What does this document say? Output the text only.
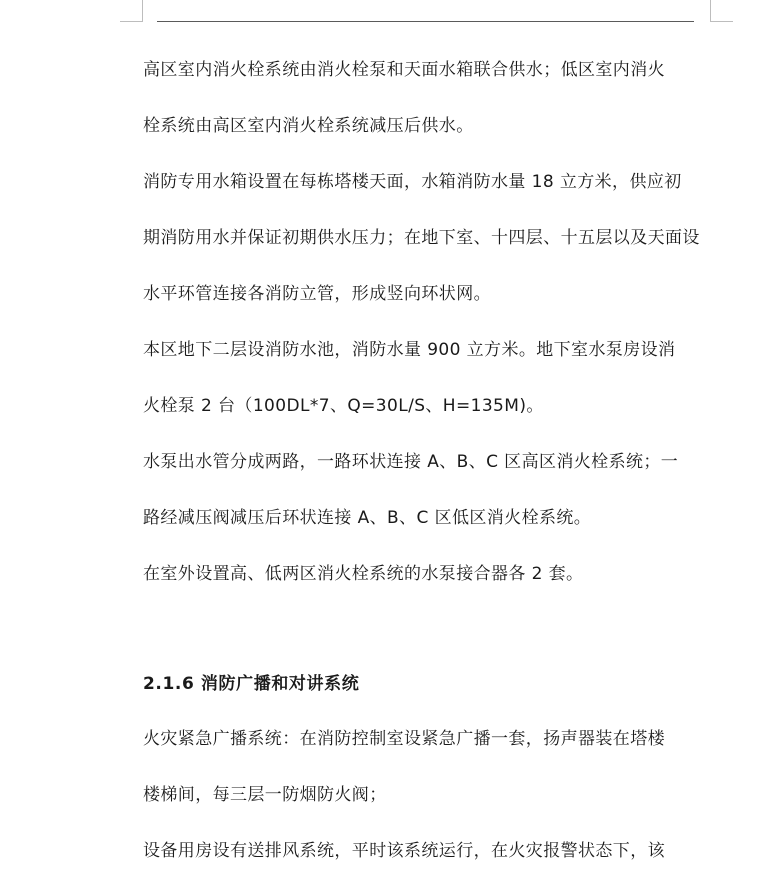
高区室内消火栓系统由消火栓泵和天面水箱联合供水；低区室内消火
栓系统由高区室内消火栓系统减压后供水。
消防专用水箱设置在每栋塔楼天面，水箱消防水量 18 立方米，供应初
期消防用水并保证初期供水压力；在地下室、十四层、十五层以及天面设
水平环管连接各消防立管，形成竖向环状网。
本区地下二层设消防水池，消防水量 900 立方米。地下室水泵房设消
火栓泵 2 台（100DL*7、Q=30L/S、H=135M)。
水泵出水管分成两路，一路环状连接 A、B、C 区高区消火栓系统；一
路经减压阀减压后环状连接 A、B、C 区低区消火栓系统。
在室外设置高、低两区消火栓系统的水泵接合器各 2 套。
2.1.6 消防广播和对讲系统
火灾紧急广播系统：在消防控制室设紧急广播一套，扬声器装在塔楼
楼梯间，每三层一防烟防火阀；
设备用房设有送排风系统，平时该系统运行，在火灾报警状态下，该
